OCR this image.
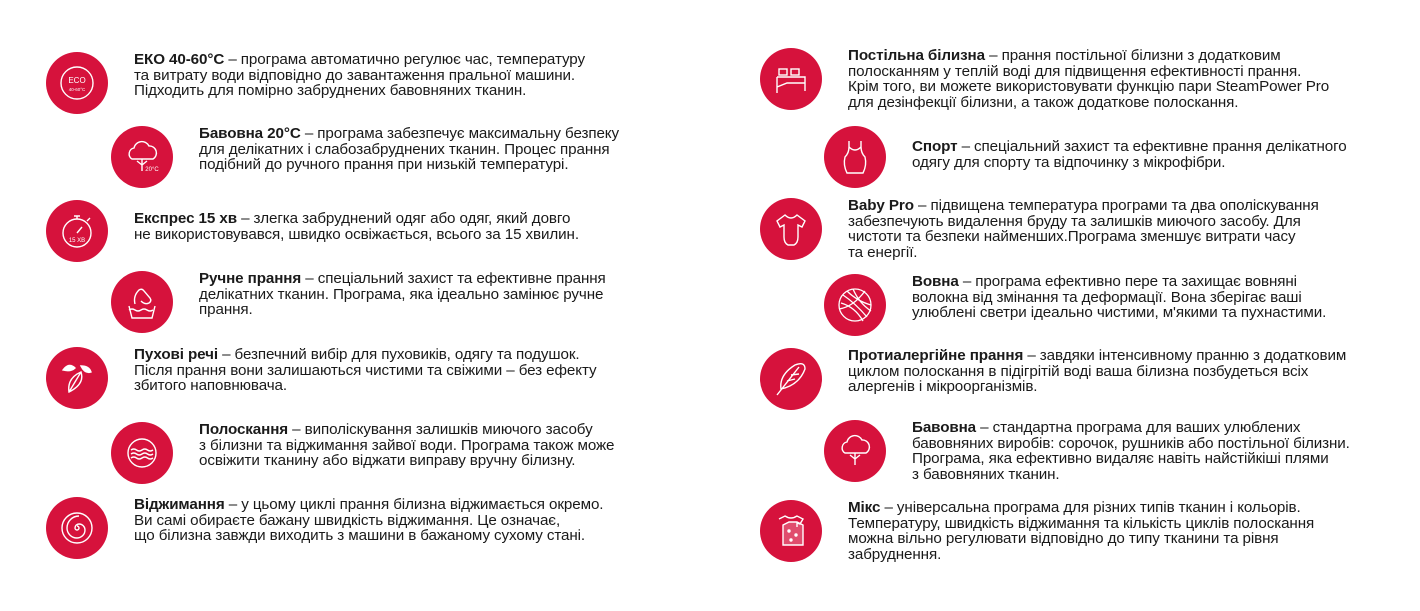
ECO
40-60°C

ЕКО 40-60°C – програма автоматично регулює час, температуру

та витрату води відповідно до завантаження пральної машини.

Підходить для помірно забруднених бавовняних тканин.

20°C

Бавовна 20°C – програма забезпечує максимальну безпеку

для делікатних і слабозабруднених тканин. Процес прання

подібний до ручного прання при низькій температурі.

15 ХВ

Експрес 15 хв – злегка забруднений одяг або одяг, який довго

не використовувався, швидко освіжається, всього за 15 хвилин.

Ручне прання – спеціальний захист та ефективне прання

делікатних тканин. Програма, яка ідеально замінює ручне

прання.

Пухові речі – безпечний вибір для пуховиків, одягу та подушок.

Після прання вони залишаються чистими та свіжими – без ефекту

збитого наповнювача.

Полоскання – виполіскування залишків миючого засобу

з білизни та віджимання зайвої води. Програма також може

освіжити тканину або віджати виправу вручну білизну.

Віджимання – у цьому циклі прання білизна віджимається окремо.

Ви самі обираєте бажану швидкість віджимання. Це означає,

що білизна завжди виходить з машини в бажаному сухому стані.

Постільна білизна – прання постільної білизни з додатковим

полосканням у теплій воді для підвищення ефективності прання.

Крім того, ви можете використовувати функцію пари SteamPower Pro

для дезінфекції білизни, а також додаткове полоскання.

Спорт – спеціальний захист та ефективне прання делікатного

одягу для спорту та відпочинку з мікрофібри.

Baby Pro – підвищена температура програми та два ополіскування

забезпечують видалення бруду та залишків миючого засобу. Для

чистоти та безпеки найменших.Програма зменшує витрати часу

та енергії.

Вовна – програма ефективно пере та захищає вовняні

волокна від змінання та деформації. Вона зберігає ваші

улюблені светри ідеально чистими, м'якими та пухнастими.

Протиалергійне прання – завдяки інтенсивному пранню з додатковим

циклом полоскання в підігрітій воді ваша білизна позбудеться всіх

алергенів і мікроорганізмів.

Бавовна – стандартна програма для ваших улюблених

бавовняних виробів: сорочок, рушників або постільної білизни.

Програма, яка ефективно видаляє навіть найстійкіші плями

з бавовняних тканин.

Мікс – універсальна програма для різних типів тканин і кольорів.

Температуру, швидкість віджимання та кількість циклів полоскання

можна вільно регулювати відповідно до типу тканини та рівня

забруднення.
